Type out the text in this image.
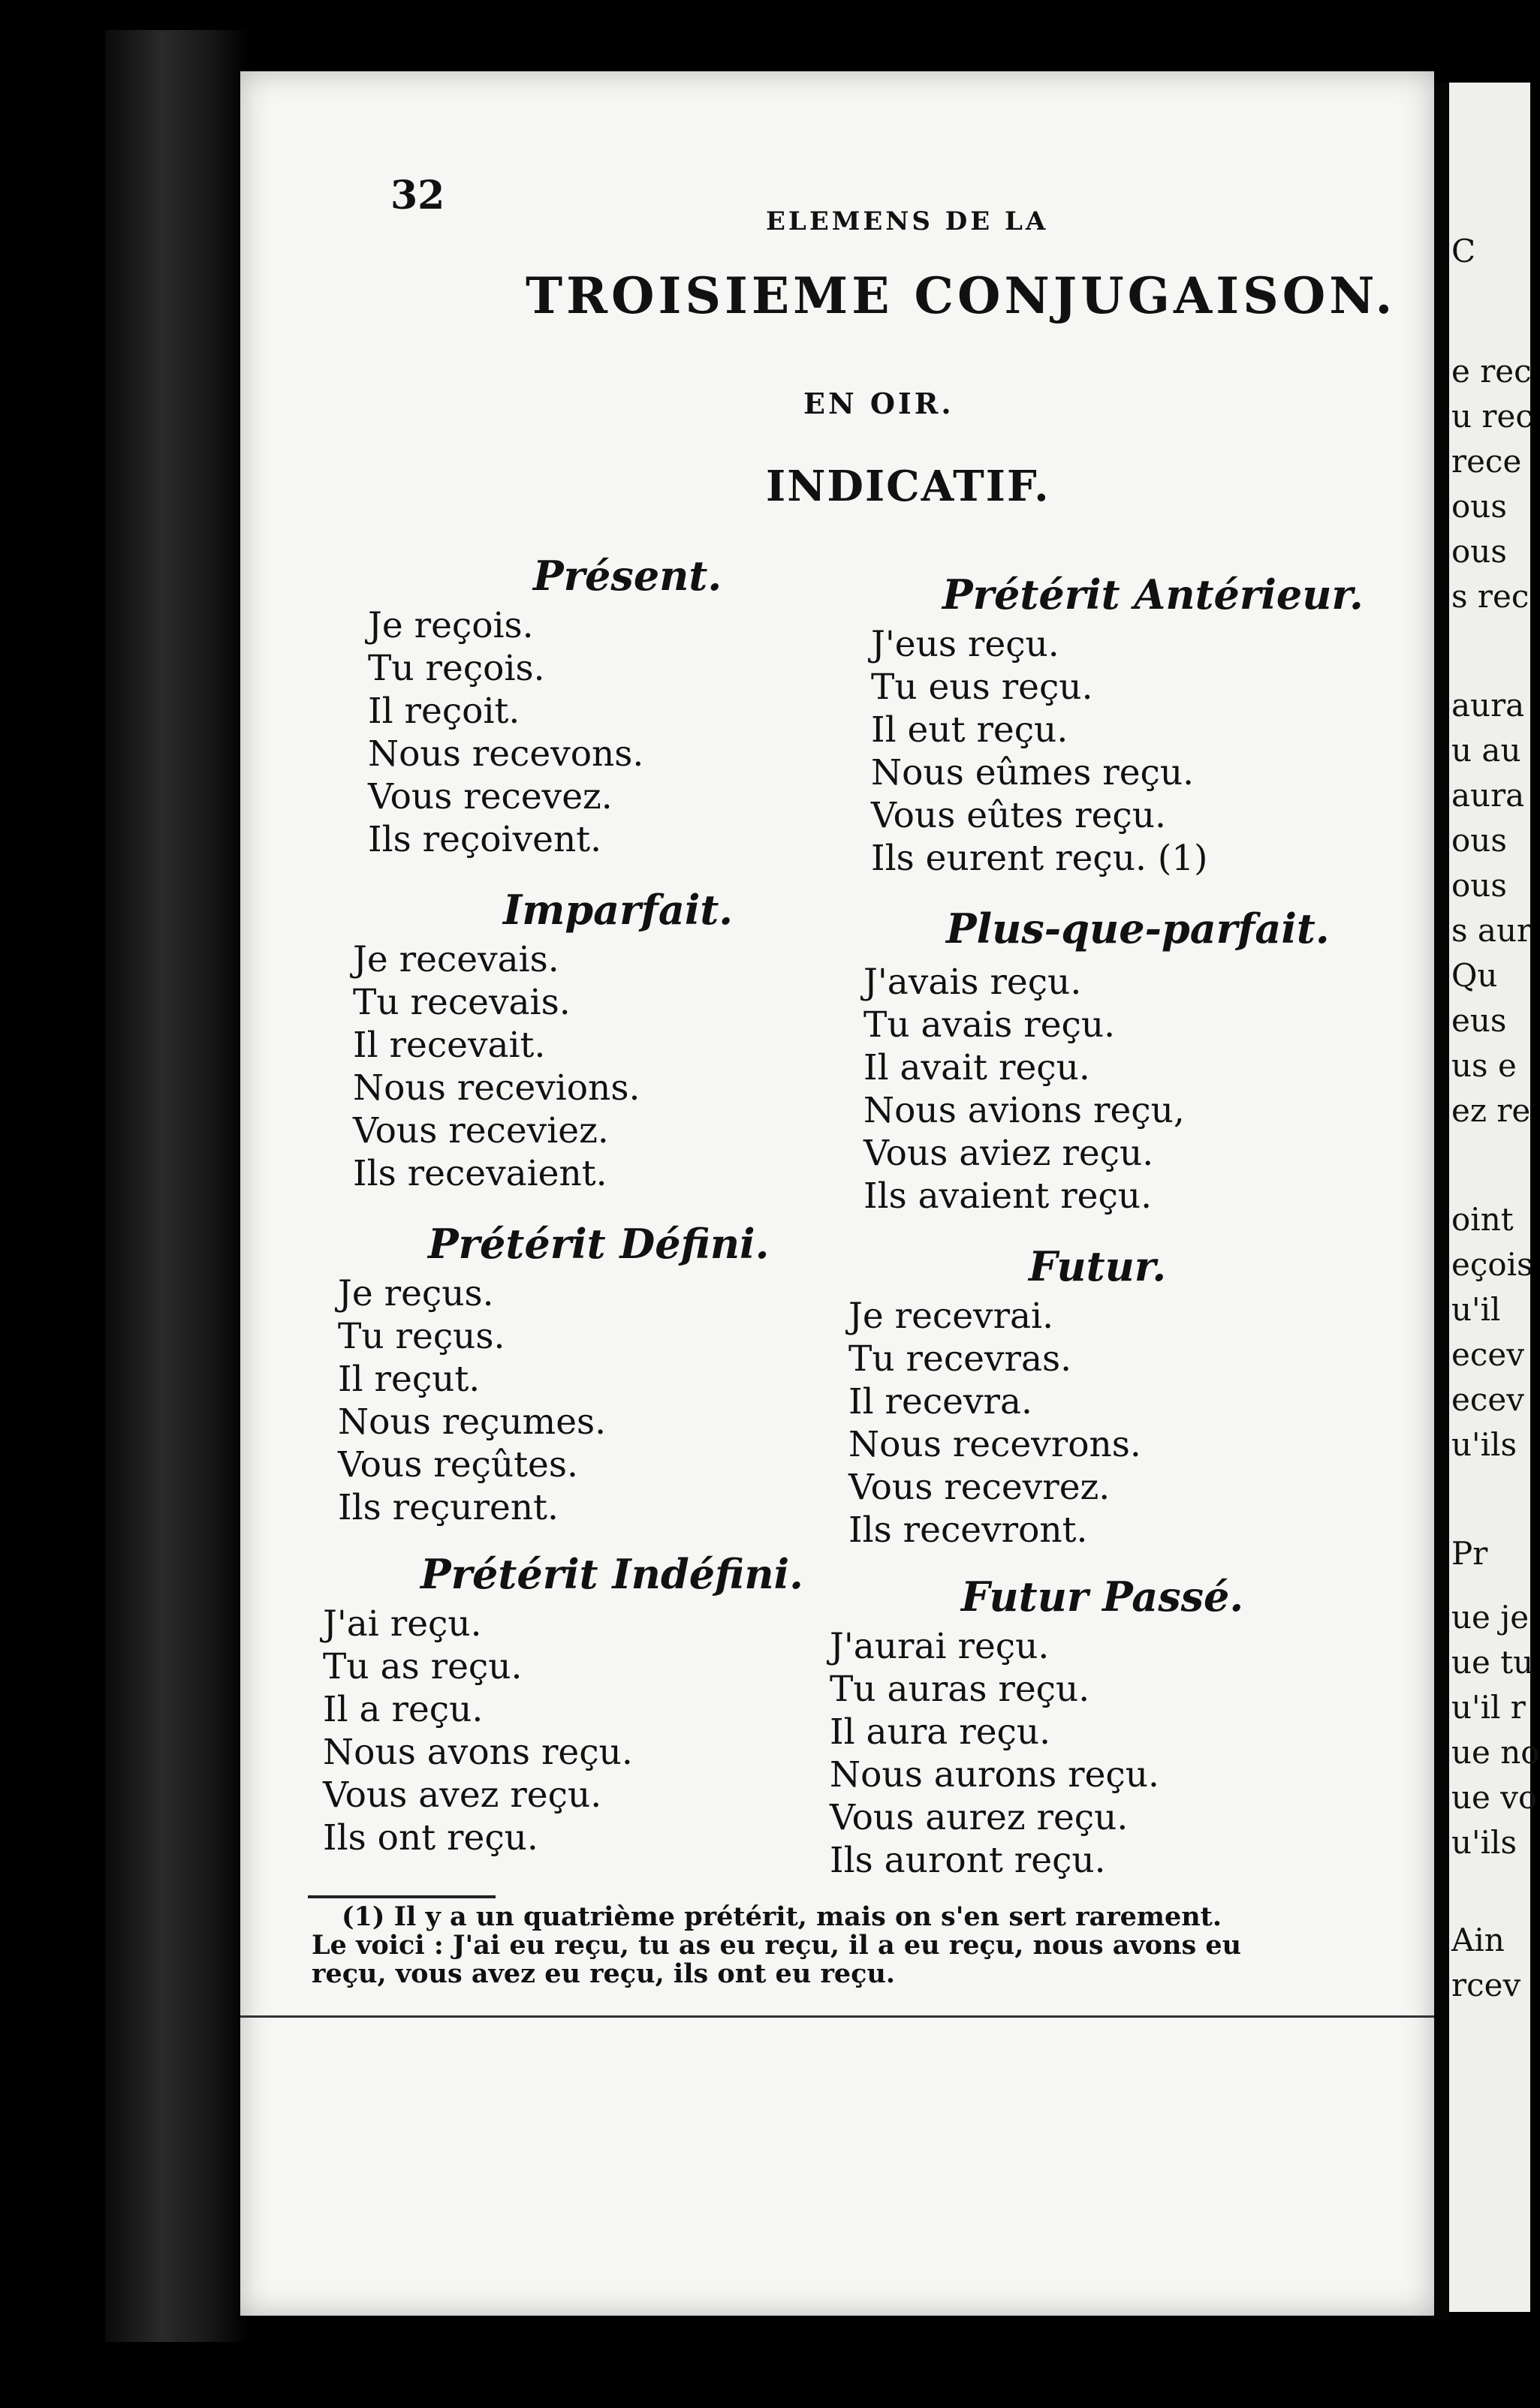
C
e rec
u rec
rece
ous
ous
s rec
aura
u au
aura
ous
ous
s aur
Qu
eus
us e
ez re
oint
eçois
u'il
ecev
ecev
u'ils
Pr
ue je
ue tu
u'il r
ue no
ue vo
u'ils
Ain
rcev
32
ELEMENS DE LA
TROISIEME CONJUGAISON.
EN OIR.
INDICATIF.
Présent.
Je reçois.
Tu reçois.
Il reçoit.
Nous recevons.
Vous recevez.
Ils reçoivent.
Imparfait.
Je recevais.
Tu recevais.
Il recevait.
Nous recevions.
Vous receviez.
Ils recevaient.
Prétérit Défini.
Je reçus.
Tu reçus.
Il reçut.
Nous reçumes.
Vous reçûtes.
Ils reçurent.
Prétérit Indéfini.
J'ai reçu.
Tu as reçu.
Il a reçu.
Nous avons reçu.
Vous avez reçu.
Ils ont reçu.
Prétérit Antérieur.
J'eus reçu.
Tu eus reçu.
Il eut reçu.
Nous eûmes reçu.
Vous eûtes reçu.
Ils eurent reçu. (1)
Plus-que-parfait.
J'avais reçu.
Tu avais reçu.
Il avait reçu.
Nous avions reçu,
Vous aviez reçu.
Ils avaient reçu.
Futur.
Je recevrai.
Tu recevras.
Il recevra.
Nous recevrons.
Vous recevrez.
Ils recevront.
Futur Passé.
J'aurai reçu.
Tu auras reçu.
Il aura reçu.
Nous aurons reçu.
Vous aurez reçu.
Ils auront reçu.
(1) Il y a un quatrième prétérit, mais on s'en sert rarement.
Le voici : J'ai eu reçu, tu as eu reçu, il a eu reçu, nous avons eu
reçu, vous avez eu reçu, ils ont eu reçu.
